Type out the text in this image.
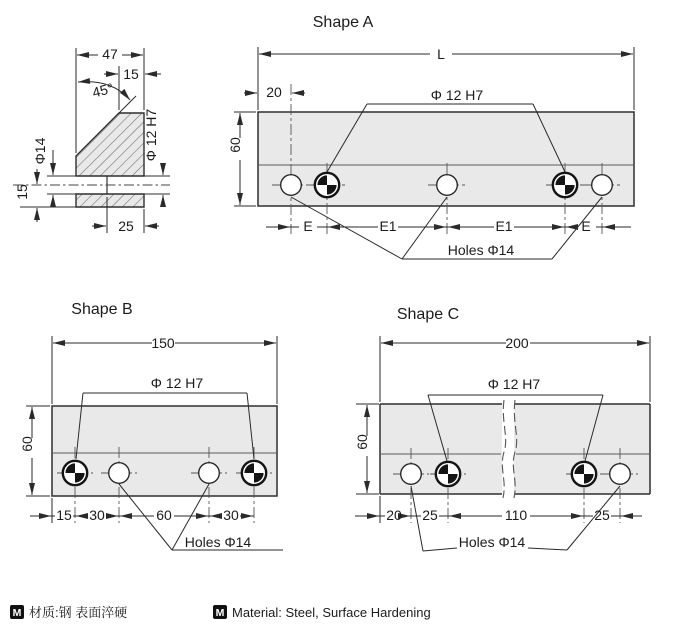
47
15
45°
Φ14
15
Φ 12 H7
25
Shape A
L
20	Φ 12 H7
60
E	E1	E1	E
Holes Φ14
Shape B
150
Φ 12 H7
60
15 30	60	30
Holes Φ14
Shape C
200
Φ 12 H7
60
20 25	110	25
Holes Φ14
M 材质:钢 表面淬硬	M Material: Steel, Surface Hardening
